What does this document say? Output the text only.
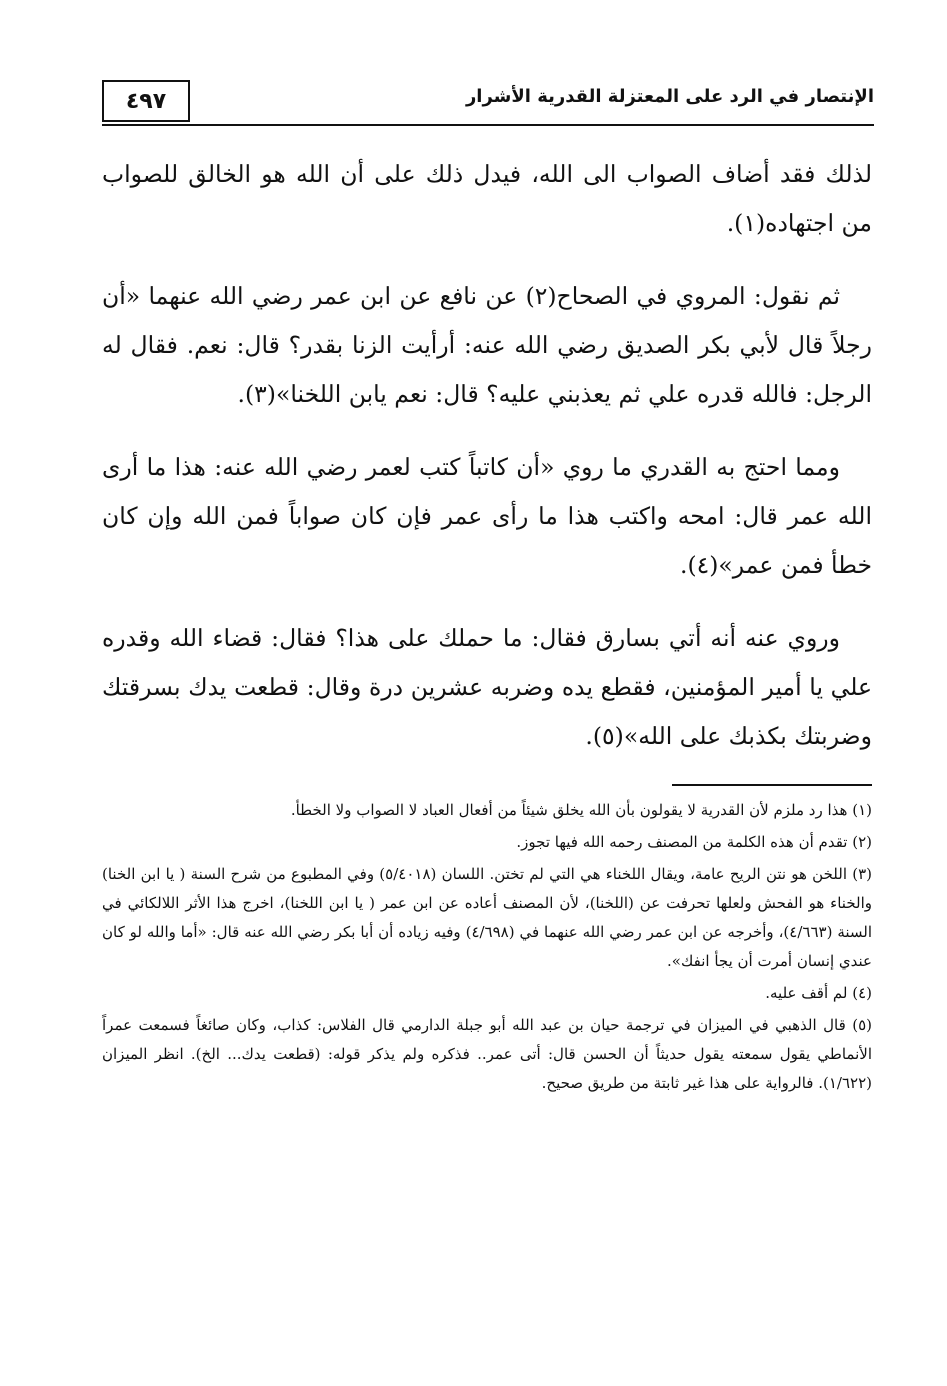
٤٩٧	الإنتصار في الرد على المعتزلة القدرية الأشرار

لذلك فقد أضاف الصواب الى الله، فيدل ذلك على أن الله هو الخالق للصواب من اجتهاده(١).

ثم نقول: المروي في الصحاح(٢) عن نافع عن ابن عمر رضي الله عنهما «أن رجلاً قال لأبي بكر الصديق رضي الله عنه: أرأيت الزنا بقدر؟ قال: نعم. فقال له الرجل: فالله قدره علي ثم يعذبني عليه؟ قال: نعم يابن اللخنا»(٣).

ومما احتج به القدري ما روي «أن كاتباً كتب لعمر رضي الله عنه: هذا ما أرى الله عمر قال: امحه واكتب هذا ما رأى عمر فإن كان صواباً فمن الله وإن كان خطأ فمن عمر»(٤).

وروي عنه أنه أتي بسارق فقال: ما حملك على هذا؟ فقال: قضاء الله وقدره علي يا أمير المؤمنين، فقطع يده وضربه عشرين درة وقال: قطعت يدك بسرقتك وضربتك بكذبك على الله»(٥).

(١) هذا رد ملزم لأن القدرية لا يقولون بأن الله يخلق شيئاً من أفعال العباد لا الصواب ولا الخطأ.

(٢) تقدم أن هذه الكلمة من المصنف رحمه الله فيها تجوز.

(٣) اللخن هو نتن الريح عامة، ويقال اللخناء هي التي لم تختن. اللسان (٥/٤٠١٨) وفي المطبوع من شرح السنة ( يا ابن الخنا) والخناء هو الفحش ولعلها تحرفت عن (اللخنا)، لأن المصنف أعاده عن ابن عمر ( يا ابن اللخنا)، اخرج هذا الأثر اللالكائي في السنة (٤/٦٦٣)، وأخرجه عن ابن عمر رضي الله عنهما في (٤/٦٩٨) وفيه زياده أن أبا بكر رضي الله عنه قال: «أما والله لو كان عندي إنسان أمرت أن يجأ انفك».

(٤) لم أقف عليه.

(٥) قال الذهبي في الميزان في ترجمة حيان بن عبد الله أبو جبلة الدارمي قال الفلاس: كذاب، وكان صائغاً فسمعت عمراً الأنماطي يقول سمعته يقول حديثاً أن الحسن قال: أتى عمر.. فذكره ولم يذكر قوله: (قطعت يدك... الخ). انظر الميزان (١/٦٢٢). فالرواية على هذا غير ثابتة من طريق صحيح.
